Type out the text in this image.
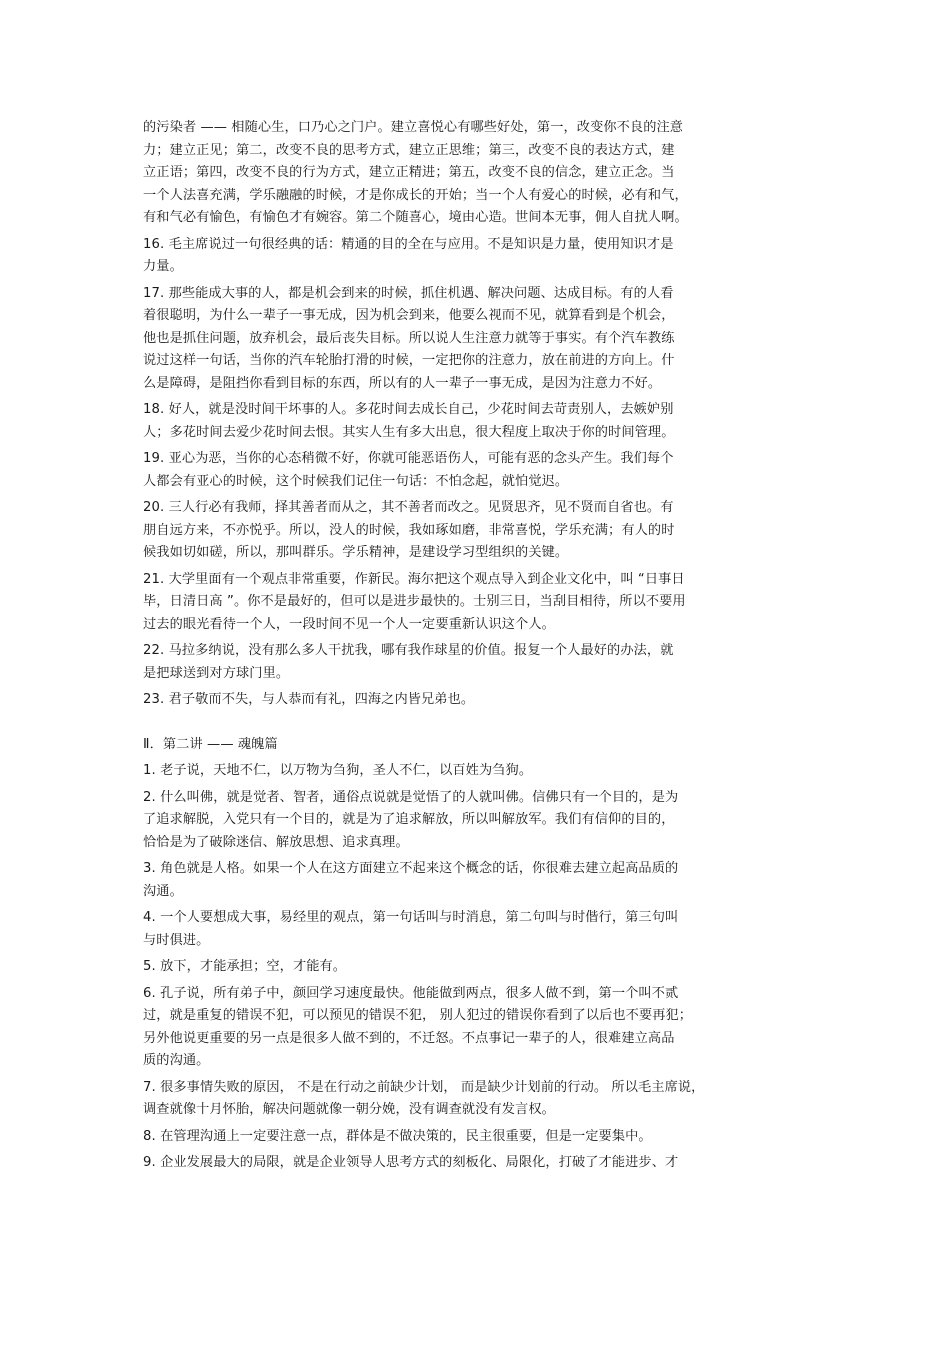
的污染者 —— 相随心生，口乃心之门户。建立喜悦心有哪些好处，第一，改变你不良的注意
力；建立正见；第二，改变不良的思考方式，建立正思维；第三，改变不良的表达方式，建
立正语；第四，改变不良的行为方式，建立正精进；第五，改变不良的信念，建立正念。当
一个人法喜充满，学乐融融的时候，才是你成长的开始；当一个人有爱心的时候，必有和气，
有和气必有愉色，有愉色才有婉容。第二个随喜心，境由心造。世间本无事，佣人自扰人啊。
16. 毛主席说过一句很经典的话：精通的目的全在与应用。不是知识是力量，使用知识才是
力量。
17. 那些能成大事的人，都是机会到来的时候，抓住机遇、解决问题、达成目标。有的人看
着很聪明，为什么一辈子一事无成，因为机会到来，他要么视而不见，就算看到是个机会，
他也是抓住问题，放弃机会，最后丧失目标。所以说人生注意力就等于事实。有个汽车教练
说过这样一句话，当你的汽车轮胎打滑的时候，一定把你的注意力，放在前进的方向上。什
么是障碍，是阻挡你看到目标的东西，所以有的人一辈子一事无成，是因为注意力不好。
18. 好人，就是没时间干坏事的人。多花时间去成长自己，少花时间去苛责别人，去嫉妒别
人；多花时间去爱少花时间去恨。其实人生有多大出息，很大程度上取决于你的时间管理。
19. 亚心为恶，当你的心态稍微不好，你就可能恶语伤人，可能有恶的念头产生。我们每个
人都会有亚心的时候，这个时候我们记住一句话：不怕念起，就怕觉迟。
20. 三人行必有我师，择其善者而从之，其不善者而改之。见贤思齐，见不贤而自省也。有
朋自远方来，不亦悦乎。所以，没人的时候，我如琢如磨，非常喜悦，学乐充满；有人的时
候我如切如磋，所以，那叫群乐。学乐精神，是建设学习型组织的关键。
21. 大学里面有一个观点非常重要，作新民。海尔把这个观点导入到企业文化中，叫 “日事日
毕，日清日高 ”。你不是最好的，但可以是进步最快的。士别三日，当刮目相待，所以不要用
过去的眼光看待一个人，一段时间不见一个人一定要重新认识这个人。
22. 马拉多纳说，没有那么多人干扰我，哪有我作球星的价值。报复一个人最好的办法，就
是把球送到对方球门里。
23. 君子敬而不失，与人恭而有礼，四海之内皆兄弟也。
Ⅱ．第二讲 —— 魂魄篇
1. 老子说，天地不仁，以万物为刍狗，圣人不仁，以百姓为刍狗。
2. 什么叫佛，就是觉者、智者，通俗点说就是觉悟了的人就叫佛。信佛只有一个目的，是为
了追求解脱，入党只有一个目的，就是为了追求解放，所以叫解放军。我们有信仰的目的，
恰恰是为了破除迷信、解放思想、追求真理。
3. 角色就是人格。如果一个人在这方面建立不起来这个概念的话，你很难去建立起高品质的
沟通。
4. 一个人要想成大事，易经里的观点，第一句话叫与时消息，第二句叫与时偕行，第三句叫
与时俱进。
5. 放下，才能承担；空，才能有。
6. 孔子说，所有弟子中，颜回学习速度最快。他能做到两点，很多人做不到，第一个叫不贰
过，就是重复的错误不犯，可以预见的错误不犯， 别人犯过的错误你看到了以后也不要再犯；
另外他说更重要的另一点是很多人做不到的，不迁怒。不点事记一辈子的人，很难建立高品
质的沟通。
7. 很多事情失败的原因， 不是在行动之前缺少计划， 而是缺少计划前的行动。 所以毛主席说，
调查就像十月怀胎，解决问题就像一朝分娩，没有调查就没有发言权。
8. 在管理沟通上一定要注意一点，群体是不做决策的，民主很重要，但是一定要集中。
9. 企业发展最大的局限，就是企业领导人思考方式的刻板化、局限化，打破了才能进步、才
